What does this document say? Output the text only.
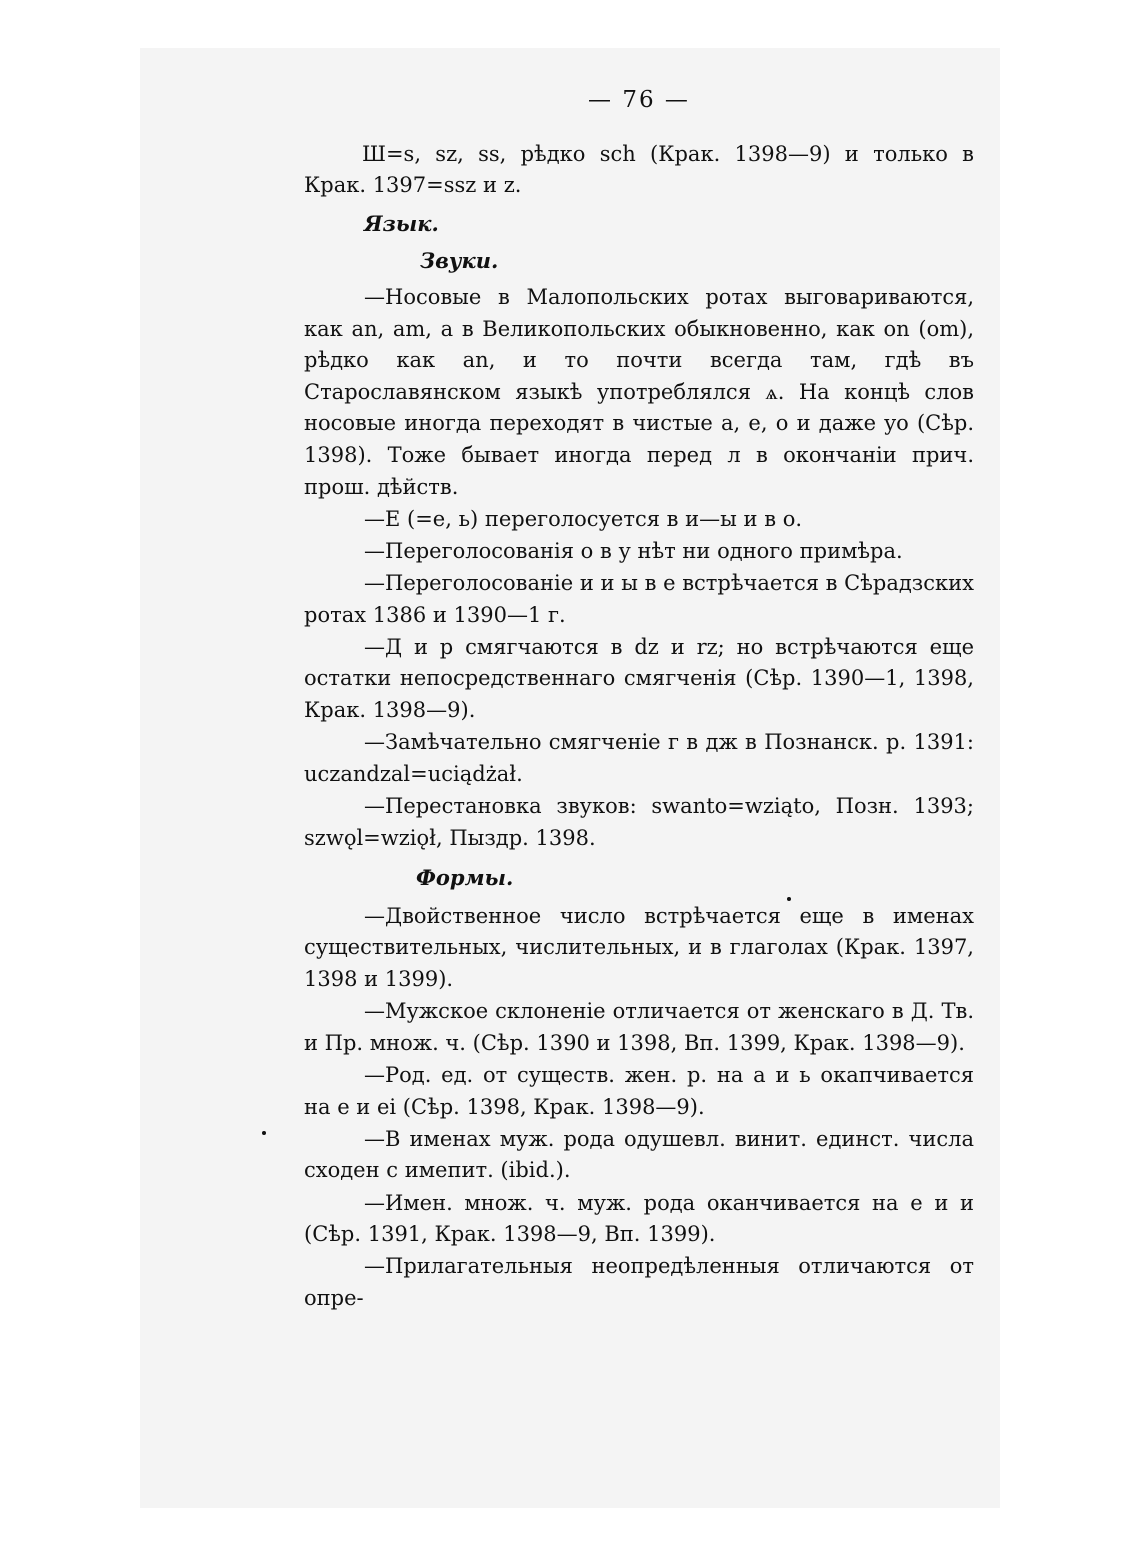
— 76 —

Ш=s, sz, ss, рѣдко sch (Крак. 1398—9) и только в Крак. 1397=ssz и z.

Язык.
Звуки.

—Носовые в Малопольских ротах выговариваются, как an, am, а в Великопольских обыкновенно, как on (om), рѣдко как an, и то почти всегда там, гдѣ въ Старославянском языкѣ употреблялся ѧ. На концѣ слов носовые иногда переходят в чистые a, e, o и даже yo (Сѣр. 1398). Тоже бывает иногда перед л в окончаніи прич. прош. дѣйств.

—Е (=е, ь) переголосуется в и—ы и в о.

—Переголосованія о в у нѣт ни одного примѣра.

—Переголосованіе и и ы в е встрѣчается в Сѣрадзских ротах 1386 и 1390—1 г.

—Д и р смягчаются в dz и rz; но встрѣчаются еще остатки непосредственнаго смягченія (Сѣр. 1390—1, 1398, Крак. 1398—9).

—Замѣчательно смягченіе г в дж в Познанск. р. 1391: uczandzal=uciądżał.

—Перестановка звуков: swanto=wziąto, Позн. 1393; szwǫl=wziǫł, Пыздр. 1398.

Формы.

—Двойственное число встрѣчается еще в именах существительных, числительных, и в глаголах (Крак. 1397, 1398 и 1399).

—Мужское склоненіе отличается от женскаго в Д. Тв. и Пр. множ. ч. (Сѣр. 1390 и 1398, Вп. 1399, Крак. 1398—9).

—Род. ед. от существ. жен. р. на а и ь окапчивается на е и ei (Сѣр. 1398, Крак. 1398—9).

—В именах муж. рода одушевл. винит. единст. числа сходен с имепит. (ibid.).

—Имен. множ. ч. муж. рода оканчивается на е и и (Сѣр. 1391, Крак. 1398—9, Вп. 1399).

—Прилагательныя неопредѣленныя отличаются от опре-
